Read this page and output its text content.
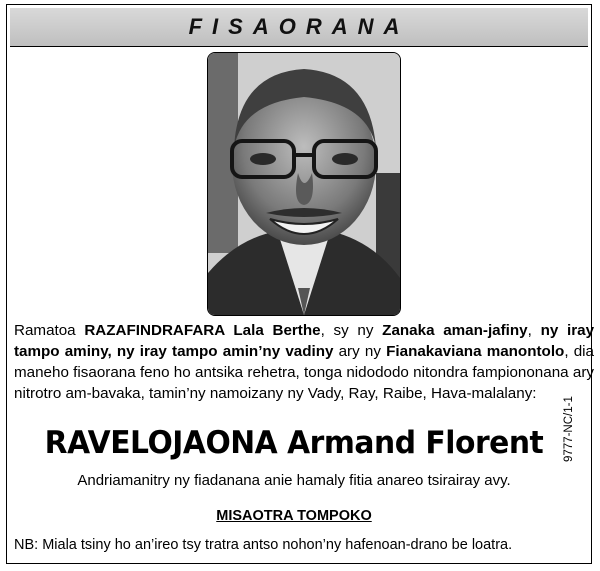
FISAORANA
Ramatoa RAZAFINDRAFARA Lala Berthe, sy ny Zanaka aman-jafiny, ny iray tampo aminy, ny iray tampo amin’ny vadiny ary ny Fianakaviana manontolo, dia maneho fisaorana feno ho antsika rehetra, tonga nidododo nitondra fampiononana ary nitrotro am-bavaka, tamin’ny namoizany ny Vady, Ray, Raibe, Hava-malalany:
RAVELOJAONA Armand Florent
Andriamanitry ny fiadanana anie hamaly fitia anareo tsirairay avy.
MISAOTRA TOMPOKO
NB: Miala tsiny ho an’ireo tsy tratra antso nohon’ny hafenoan-drano be loatra.
9777-NC/1-1
